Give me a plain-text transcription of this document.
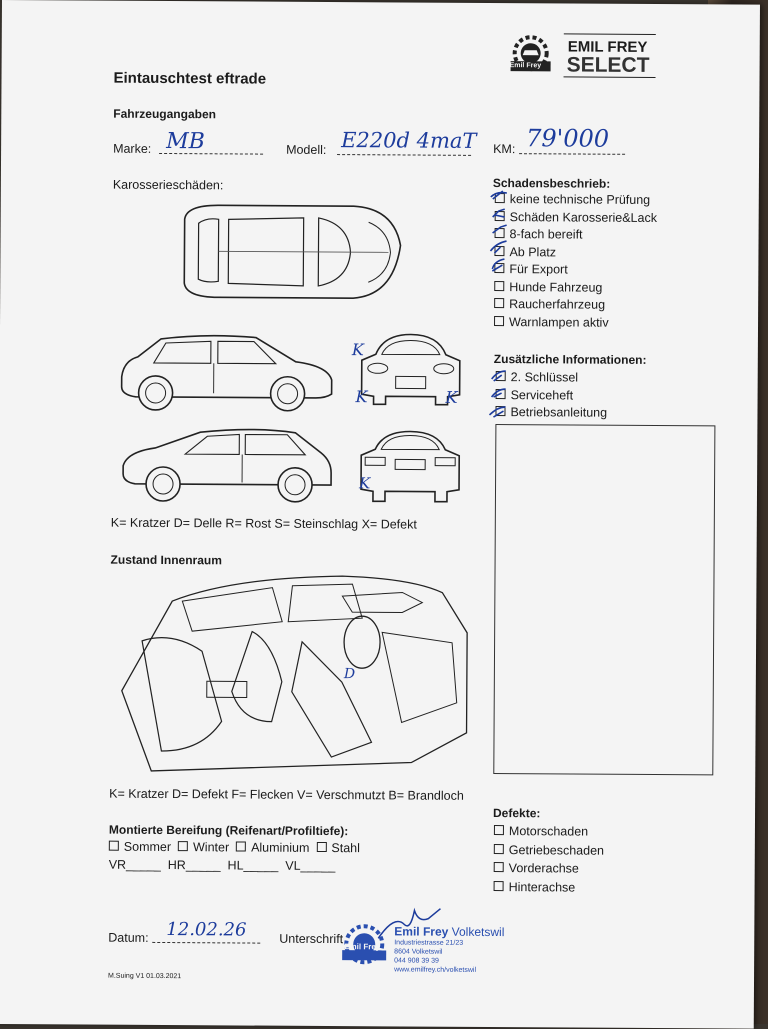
Emil Frey
EMIL FREY
SELECT
Eintauschtest eftrade
Fahrzeugangaben
Marke: MB	Modell: E220d 4maT KM: 79'000
Karosserieschäden:
K
K
K
K
K= Kratzer D= Delle R= Rost S= Steinschlag X= Defekt
Schadensbeschrieb:
keine technische Prüfung
Schäden Karosserie&Lack
8-fach bereift
Ab Platz
Für Export
Hunde Fahrzeug
Raucherfahrzeug
Warnlampen aktiv
Zusätzliche Informationen:
2. Schlüssel
Serviceheft
Betriebsanleitung
Zustand Innenraum
D
K= Kratzer D= Defekt F= Flecken V= Verschmutzt B= Brandloch
Montierte Bereifung (Reifenart/Profiltiefe):
Sommer Winter Aluminium Stahl
VR_____ HR_____ HL_____ VL_____
Defekte:
Motorschaden
Getriebeschaden
Vorderachse
Hinterachse
Datum: 12.02.26	Unterschrift
Emil Frey
Emil Frey Volketswil
Industriestrasse 21/23
8604 Volketswil
044 908 39 39
www.emilfrey.ch/volketswil
M.Suing V1 01.03.2021
